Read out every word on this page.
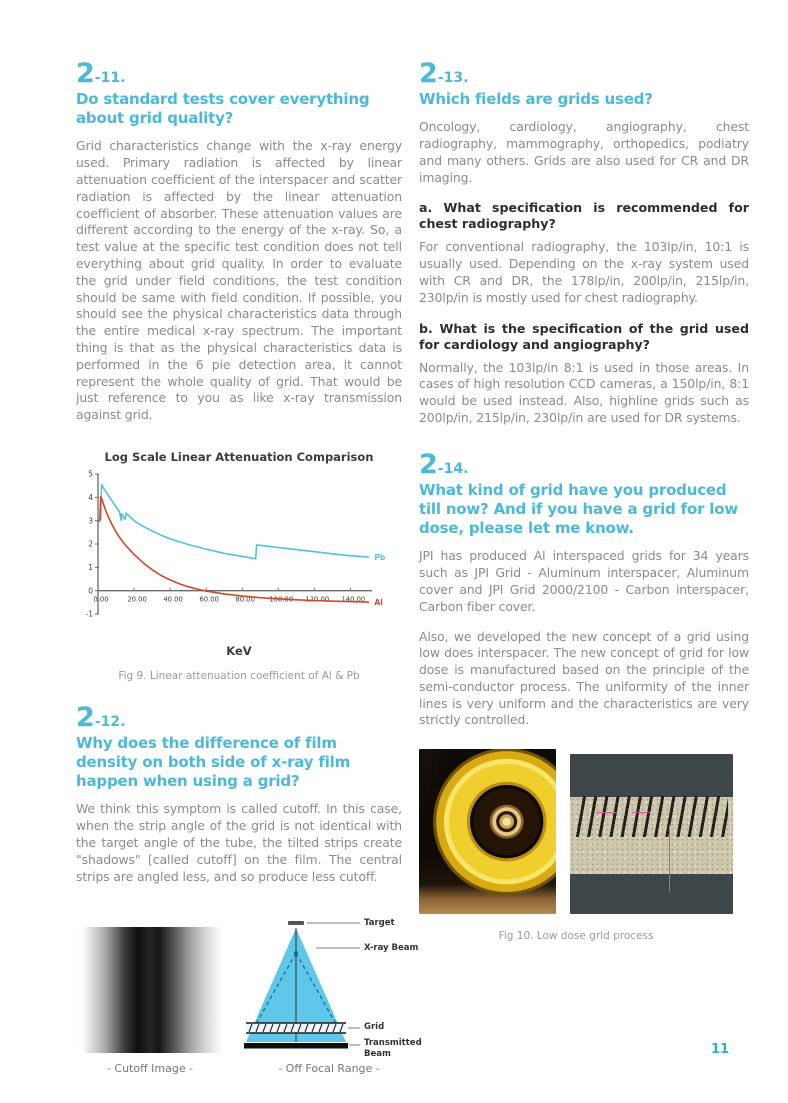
2-11.
Do standard tests cover everything about grid quality?

Grid characteristics change with the x-ray energy used. Primary radiation is affected by linear attenuation coefficient of the interspacer and scatter radiation is affected by the linear attenuation coefficient of absorber. These attenuation values are different according to the energy of the x-ray. So, a test value at the specific test condition does not tell everything about grid quality. In order to evaluate the grid under field conditions, the test condition should be same with field condition. If possible, you should see the physical characteristics data through the entire medical x-ray spectrum. The important thing is that as the physical characteristics data is performed in the 6 pie detection area, it cannot represent the whole quality of grid. That would be just reference to you as like x-ray transmission against grid.

Log Scale Linear Attenuation Comparison
5
4
3
2
1
0
-1
0.00	20.00 40.00 60.00 80.00 100.00 120.00 140.00
Pb
Al
KeV
Fig 9. Linear attenuation coefficient of Al & Pb
2-12.
Why does the difference of film density on both side of x-ray film happen when using a grid?

We think this symptom is called cutoff. In this case, when the strip angle of the grid is not identical with the target angle of the tube, the tilted strips create "shadows" [called cutoff] on the film. The central strips are angled less, and so produce less cutoff.

- Cutoff Image -
Target
X-ray Beam
Grid
Transmitted Beam
- Off Focal Range -
2-13.
Which fields are grids used?

Oncology, cardiology, angiography, chest radiography, mammography, orthopedics, podiatry and many others. Grids are also used for CR and DR imaging.

a. What specification is recommended for chest radiography?

For conventional radiography, the 103lp/in, 10:1 is usually used. Depending on the x-ray system used with CR and DR, the 178lp/in, 200lp/in, 215lp/in, 230lp/in is mostly used for chest radiography.

b. What is the specification of the grid used for cardiology and angiography?

Normally, the 103lp/in 8:1 is used in those areas. In cases of high resolution CCD cameras, a 150lp/in, 8:1 would be used instead. Also, highline grids such as 200lp/in, 215lp/in, 230lp/in are used for DR systems.

2-14.
What kind of grid have you produced till now? And if you have a grid for low dose, please let me know.

JPI has produced Al interspaced grids for 34 years such as JPI Grid - Aluminum interspacer, Aluminum cover and JPI Grid 2000/2100 - Carbon interspacer, Carbon fiber cover.

Also, we developed the new concept of a grid using low does interspacer. The new concept of grid for low dose is manufactured based on the principle of the semi-conductor process. The uniformity of the inner lines is very uniform and the characteristics are very strictly controlled.

Fig 10. Low dose grid process
11
